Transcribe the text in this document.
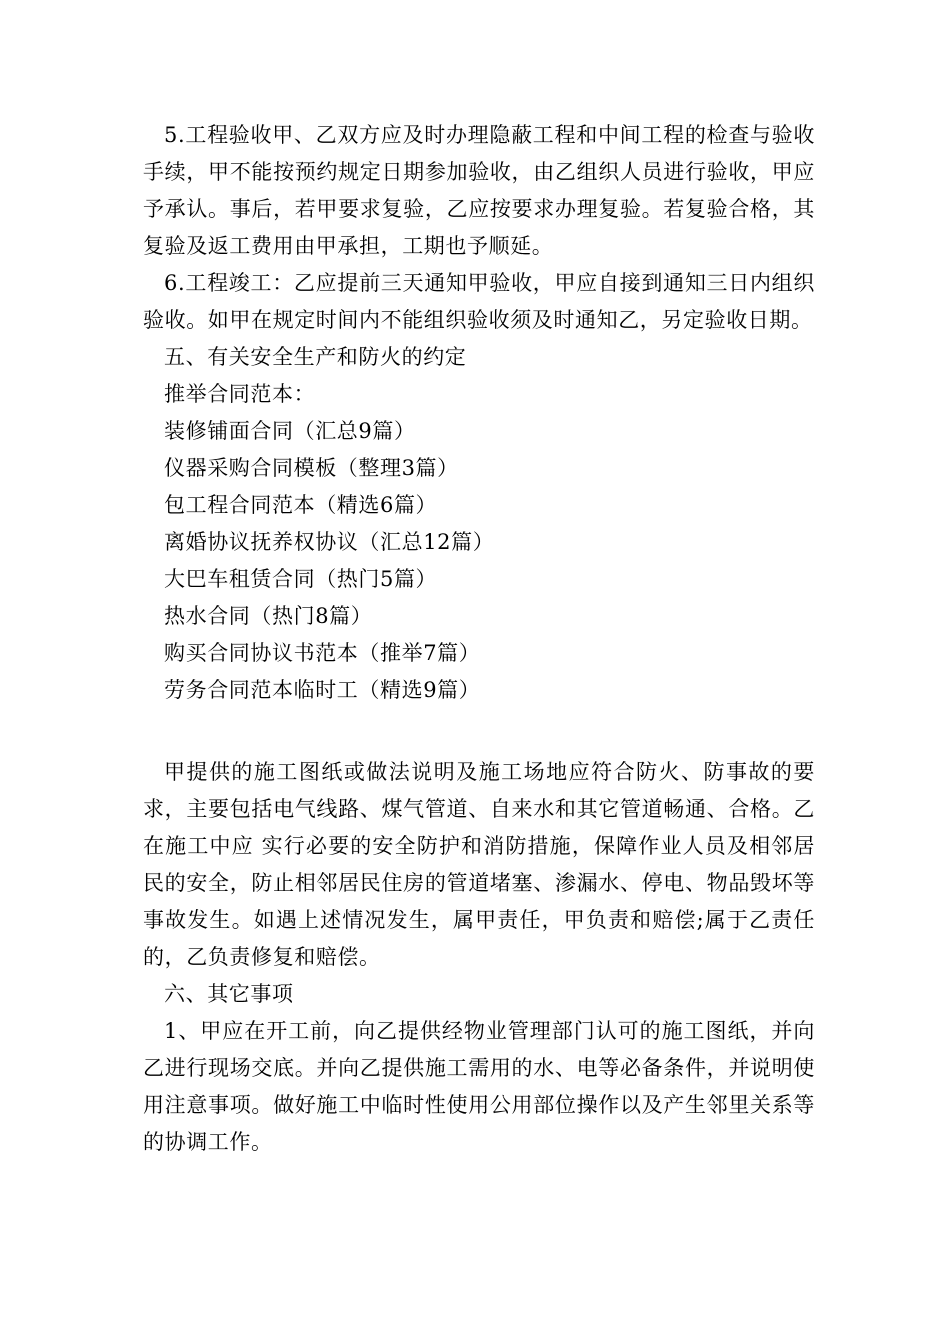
5.工程验收甲、乙双方应及时办理隐蔽工程和中间工程的检查与验收手续，甲不能按预约规定日期参加验收，由乙组织人员进行验收，甲应予承认。事后，若甲要求复验，乙应按要求办理复验。若复验合格，其复验及返工费用由甲承担，工期也予顺延。

6.工程竣工：乙应提前三天通知甲验收，甲应自接到通知三日内组织验收。如甲在规定时间内不能组织验收须及时通知乙，另定验收日期。

五、有关安全生产和防火的约定

推举合同范本：

装修铺面合同（汇总9篇）

仪器采购合同模板（整理3篇）

包工程合同范本（精选6篇）

离婚协议抚养权协议（汇总12篇）

大巴车租赁合同（热门5篇）

热水合同（热门8篇）

购买合同协议书范本（推举7篇）

劳务合同范本临时工（精选9篇）

甲提供的施工图纸或做法说明及施工场地应符合防火、防事故的要求，主要包括电气线路、煤气管道、自来水和其它管道畅通、合格。乙在施工中应 实行必要的安全防护和消防措施，保障作业人员及相邻居民的安全，防止相邻居民住房的管道堵塞、渗漏水、停电、物品毁坏等事故发生。如遇上述情况发生，属甲责任，甲负责和赔偿;属于乙责任的，乙负责修复和赔偿。

六、其它事项

1、甲应在开工前，向乙提供经物业管理部门认可的施工图纸，并向乙进行现场交底。并向乙提供施工需用的水、电等必备条件，并说明使用注意事项。做好施工中临时性使用公用部位操作以及产生邻里关系等的协调工作。
